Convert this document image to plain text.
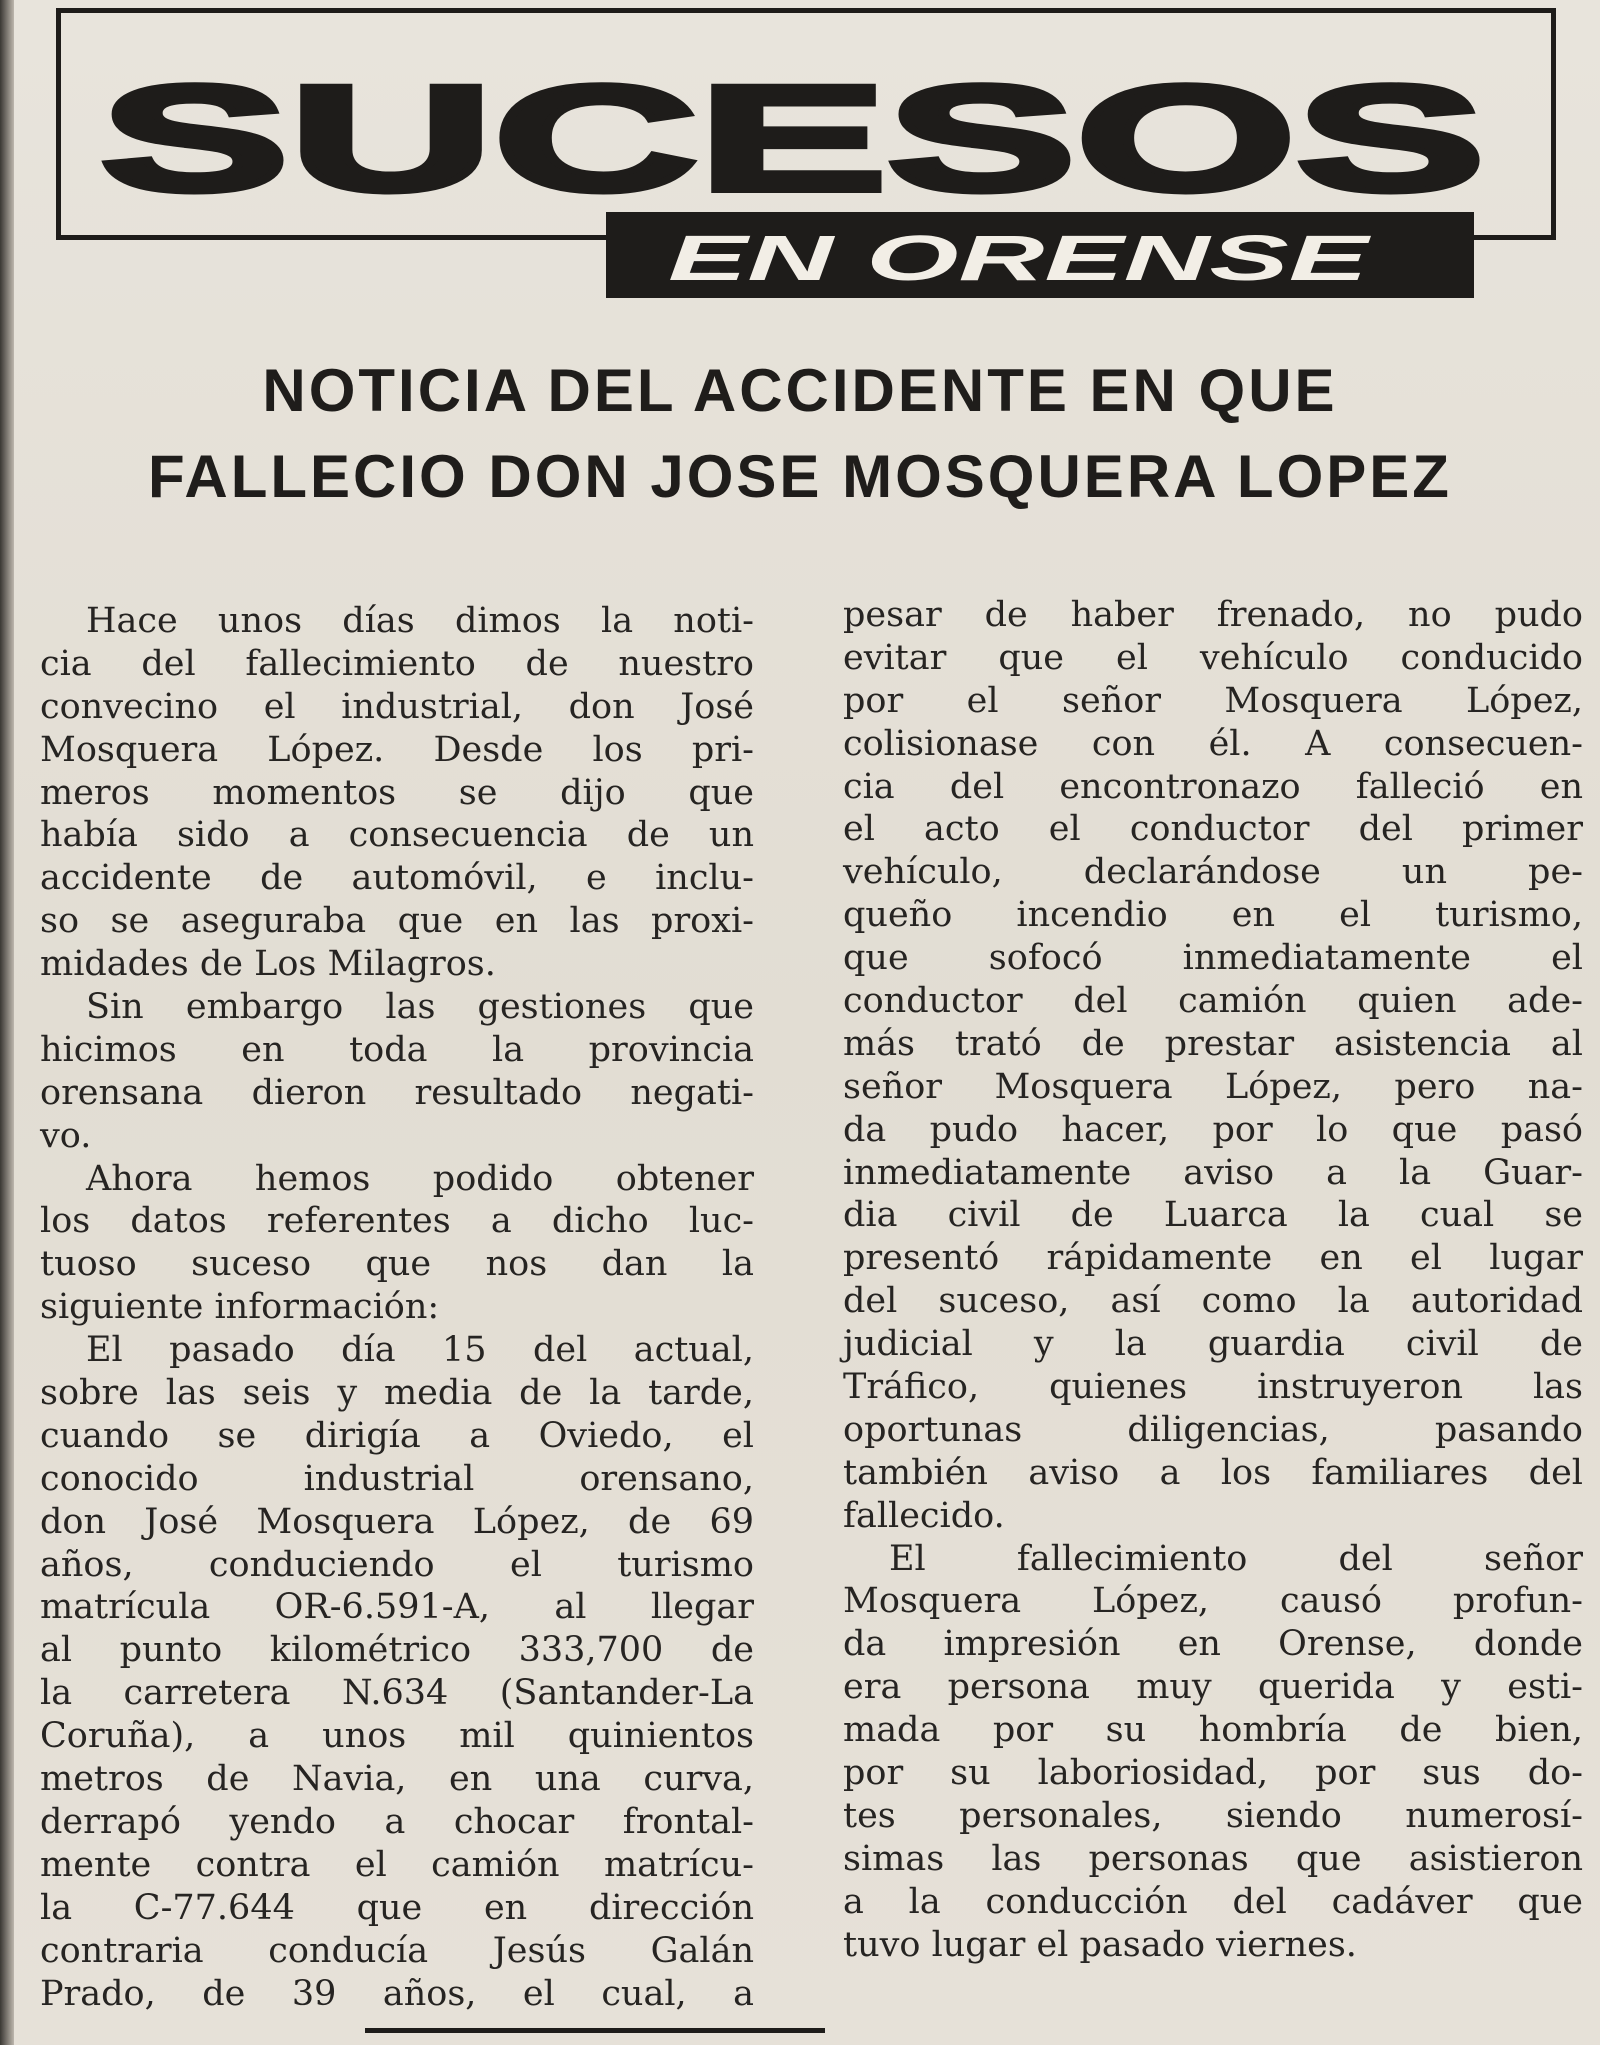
SUCESOS
EN ORENSE
NOTICIA DEL ACCIDENTE EN QUE
FALLECIO DON JOSE MOSQUERA LOPEZ
Hace unos días dimos la noti-
cia del fallecimiento de nuestro
convecino el industrial, don José
Mosquera López. Desde los pri-
meros momentos se dijo que
había sido a consecuencia de un
accidente de automóvil, e inclu-
so se aseguraba que en las proxi-
midades de Los Milagros.
Sin embargo las gestiones que
hicimos en toda la provincia
orensana dieron resultado negati-
vo.
Ahora hemos podido obtener
los datos referentes a dicho luc-
tuoso suceso que nos dan la
siguiente información:
El pasado día 15 del actual,
sobre las seis y media de la tarde,
cuando se dirigía a Oviedo, el
conocido industrial orensano,
don José Mosquera López, de 69
años, conduciendo el turismo
matrícula OR-6.591-A, al llegar
al punto kilométrico 333,700 de
la carretera N.634 (Santander-La
Coruña), a unos mil quinientos
metros de Navia, en una curva,
derrapó yendo a chocar frontal-
mente contra el camión matrícu-
la C-77.644 que en dirección
contraria conducía Jesús Galán
Prado, de 39 años, el cual, a
pesar de haber frenado, no pudo
evitar que el vehículo conducido
por el señor Mosquera López,
colisionase con él. A consecuen-
cia del encontronazo falleció en
el acto el conductor del primer
vehículo, declarándose un pe-
queño incendio en el turismo,
que sofocó inmediatamente el
conductor del camión quien ade-
más trató de prestar asistencia al
señor Mosquera López, pero na-
da pudo hacer, por lo que pasó
inmediatamente aviso a la Guar-
dia civil de Luarca la cual se
presentó rápidamente en el lugar
del suceso, así como la autoridad
judicial y la guardia civil de
Tráfico, quienes instruyeron las
oportunas diligencias, pasando
también aviso a los familiares del
fallecido.
El fallecimiento del señor
Mosquera López, causó profun-
da impresión en Orense, donde
era persona muy querida y esti-
mada por su hombría de bien,
por su laboriosidad, por sus do-
tes personales, siendo numerosí-
simas las personas que asistieron
a la conducción del cadáver que
tuvo lugar el pasado viernes.
